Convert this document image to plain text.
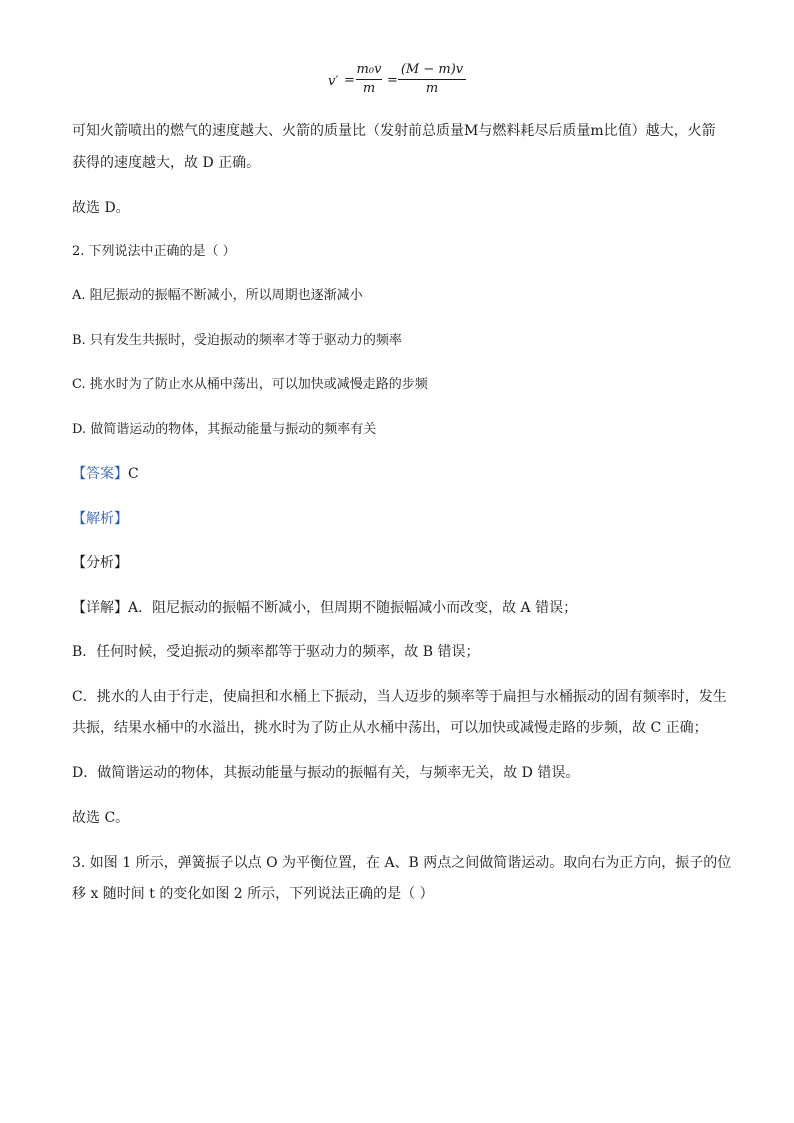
v′ =
m₀v
m
=
(M − m)v
m
可知火箭喷出的燃气的速度越大、火箭的质量比（发射前总质量M与燃料耗尽后质量m比值）越大，火箭
获得的速度越大，故 D 正确。
故选 D。
2. 下列说法中正确的是（ ）
A. 阻尼振动的振幅不断减小，所以周期也逐渐减小
B. 只有发生共振时，受迫振动的频率才等于驱动力的频率
C. 挑水时为了防止水从桶中荡出，可以加快或减慢走路的步频
D. 做简谐运动的物体，其振动能量与振动的频率有关
【答案】C
【解析】
【分析】
【详解】A．阻尼振动的振幅不断减小，但周期不随振幅减小而改变，故 A 错误；
B．任何时候，受迫振动的频率都等于驱动力的频率，故 B 错误；
C．挑水的人由于行走，使扁担和水桶上下振动，当人迈步的频率等于扁担与水桶振动的固有频率时，发生
共振，结果水桶中的水溢出，挑水时为了防止从水桶中荡出，可以加快或减慢走路的步频，故 C 正确；
D．做简谐运动的物体，其振动能量与振动的振幅有关，与频率无关，故 D 错误。
故选 C。
3. 如图 1 所示，弹簧振子以点 O 为平衡位置，在 A、B 两点之间做简谐运动。取向右为正方向，振子的位
移 x 随时间 t 的变化如图 2 所示，下列说法正确的是（ ）
